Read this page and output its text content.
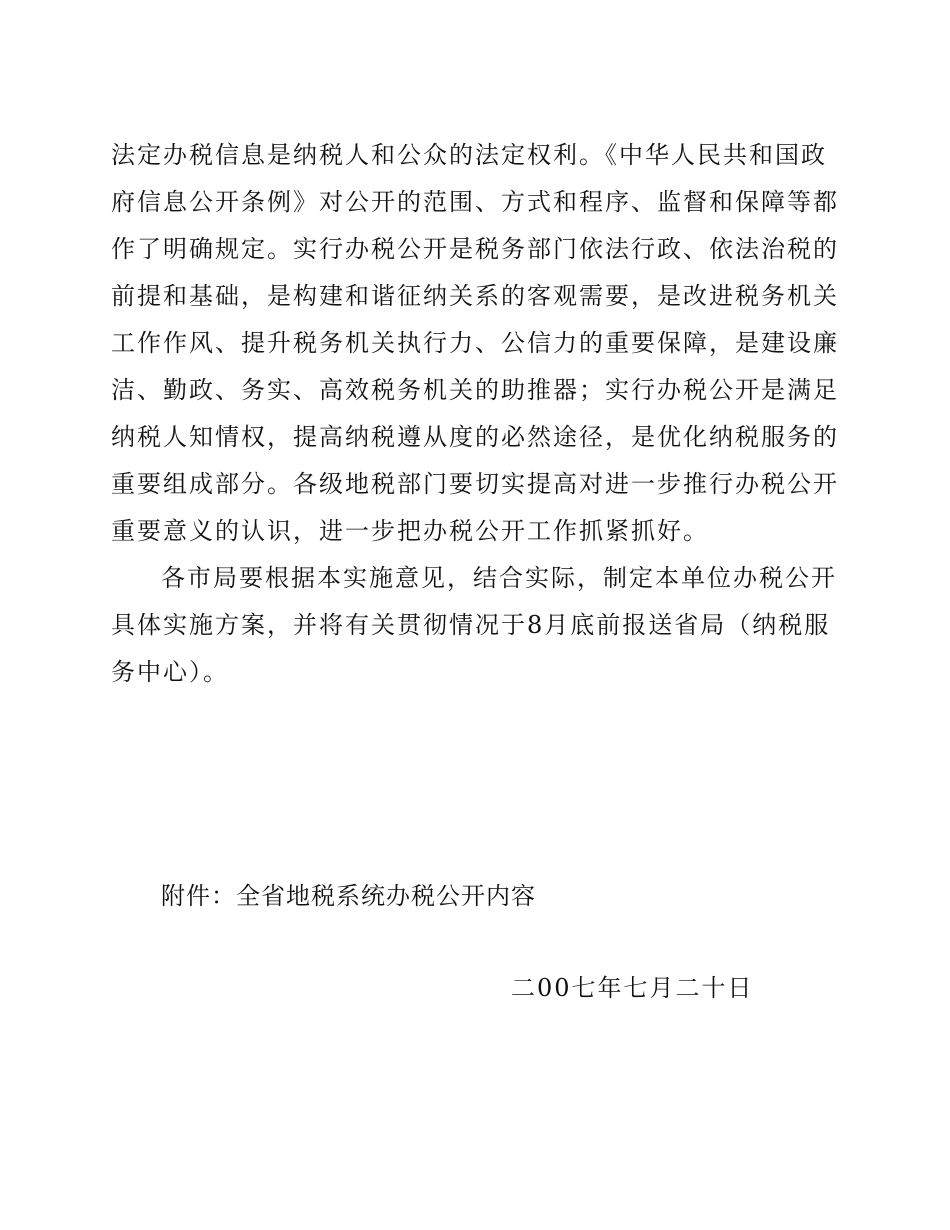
法定办税信息是纳税人和公众的法定权利。《中华人民共和国政
府信息公开条例》对公开的范围、方式和程序、监督和保障等都
作了明确规定。实行办税公开是税务部门依法行政、依法治税的
前提和基础，是构建和谐征纳关系的客观需要，是改进税务机关
工作作风、提升税务机关执行力、公信力的重要保障，是建设廉
洁、勤政、务实、高效税务机关的助推器；实行办税公开是满足
纳税人知情权，提高纳税遵从度的必然途径，是优化纳税服务的
重要组成部分。各级地税部门要切实提高对进一步推行办税公开
重要意义的认识，进一步把办税公开工作抓紧抓好。
各市局要根据本实施意见，结合实际，制定本单位办税公开
具体实施方案，并将有关贯彻情况于8月底前报送省局（纳税服
务中心）。
附件：全省地税系统办税公开内容
二00七年七月二十日
